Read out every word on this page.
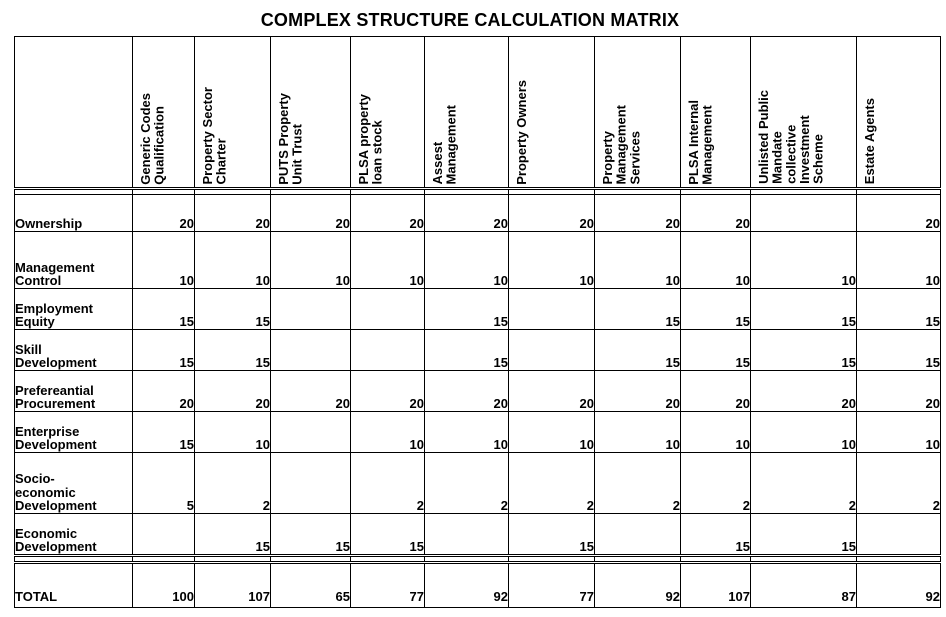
COMPLEX STRUCTURE CALCULATION MATRIX
	Generic Codes
Qualification	Property Sector
Charter	PUTS Property
Unit Trust	PLSA property
loan stock	Assest
Management	Property Owners	Property
Management
Services	PLSA Internal
Management	Unlisted Public
Mandate
collective
Investment
Scheme	Estate Agents

Ownership	20	20	20	20	20	20	20	20		20
Management
Control	10	10	10	10	10	10	10	10	10	10
Employment
Equity	15	15			15		15	15	15	15
Skill
Development	15	15			15		15	15	15	15
Prefereantial
Procurement	20	20	20	20	20	20	20	20	20	20
Enterprise
Development	15	10		10	10	10	10	10	10	10
Socio-
economic
Development	5	2		2	2	2	2	2	2	2
Economic
Development		15	15	15		15		15	15	

TOTAL	100	107	65	77	92	77	92	107	87	92
